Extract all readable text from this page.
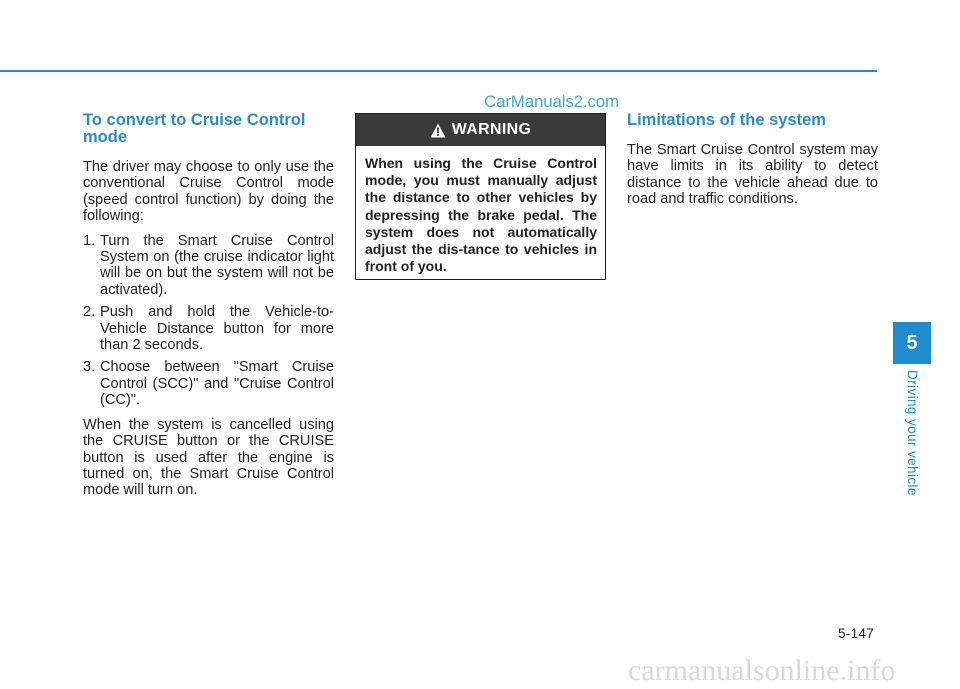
CarManuals2.com
To convert to Cruise Control mode

The driver may choose to only use the conventional Cruise Control mode (speed control function) by doing the following:

1. Turn the Smart Cruise Control System on (the cruise indicator light will be on but the system will not be activated).
2. Push and hold the Vehicle-to-Vehicle Distance button for more than 2 seconds.
3. Choose between "Smart Cruise Control (SCC)" and "Cruise Control (CC)".

When the system is cancelled using the CRUISE button or the CRUISE button is used after the engine is turned on, the Smart Cruise Control mode will turn on.

WARNING
When using the Cruise Control mode, you must manually adjust the distance to other vehicles by depressing the brake pedal. The system does not automatically adjust the dis-tance to vehicles in front of you.
Limitations of the system

The Smart Cruise Control system may have limits in its ability to detect distance to the vehicle ahead due to road and traffic conditions.

5
Driving your vehicle
5-147
carmanualsonline.info
